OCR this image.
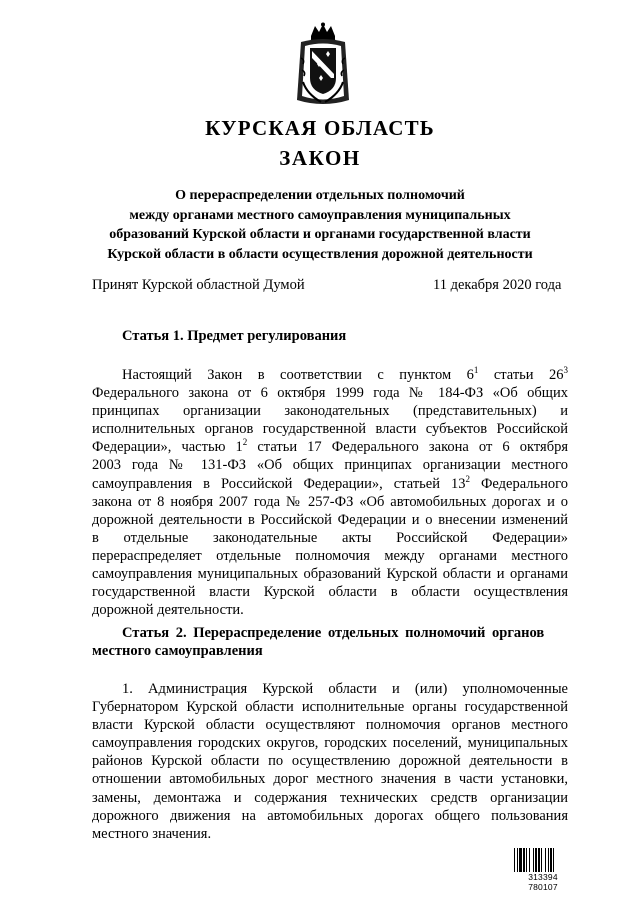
КУРСКАЯ ОБЛАСТЬ
ЗАКОН
О перераспределении отдельных полномочий
между органами местного самоуправления муниципальных
образований Курской области и органами государственной власти
Курской области в области осуществления дорожной деятельности
Принят Курской областной Думой	11 декабря 2020 года
Статья 1. Предмет регулирования
Настоящий Закон в соответствии с пунктом $6^1$ статьи $26^3$
Федерального закона от 6 октября 1999 года № 184-ФЗ «Об общих
принципах организации законодательных (представительных) и
исполнительных органов государственной власти субъектов Российской
Федерации», частью $1^2$ статьи 17 Федерального закона от 6 октября
2003 года № 131-ФЗ «Об общих принципах организации местного
самоуправления в Российской Федерации», статьей $13^2$ Федерального
закона от 8 ноября 2007 года № 257-ФЗ «Об автомобильных дорогах и о
дорожной деятельности в Российской Федерации и о внесении изменений
в отдельные законодательные акты Российской Федерации»
перераспределяет отдельные полномочия между органами местного
самоуправления муниципальных образований Курской области и органами
государственной власти Курской области в области осуществления
дорожной деятельности.
Статья 2. Перераспределение отдельных полномочий органов
местного самоуправления
1. Администрация Курской области и (или) уполномоченные
Губернатором Курской области исполнительные органы государственной
власти Курской области осуществляют полномочия органов местного
самоуправления городских округов, городских поселений, муниципальных
районов Курской области по осуществлению дорожной деятельности в
отношении автомобильных дорог местного значения в части установки,
замены, демонтажа и содержания технических средств организации
дорожного движения на автомобильных дорогах общего пользования
местного значения.
313394 780107
